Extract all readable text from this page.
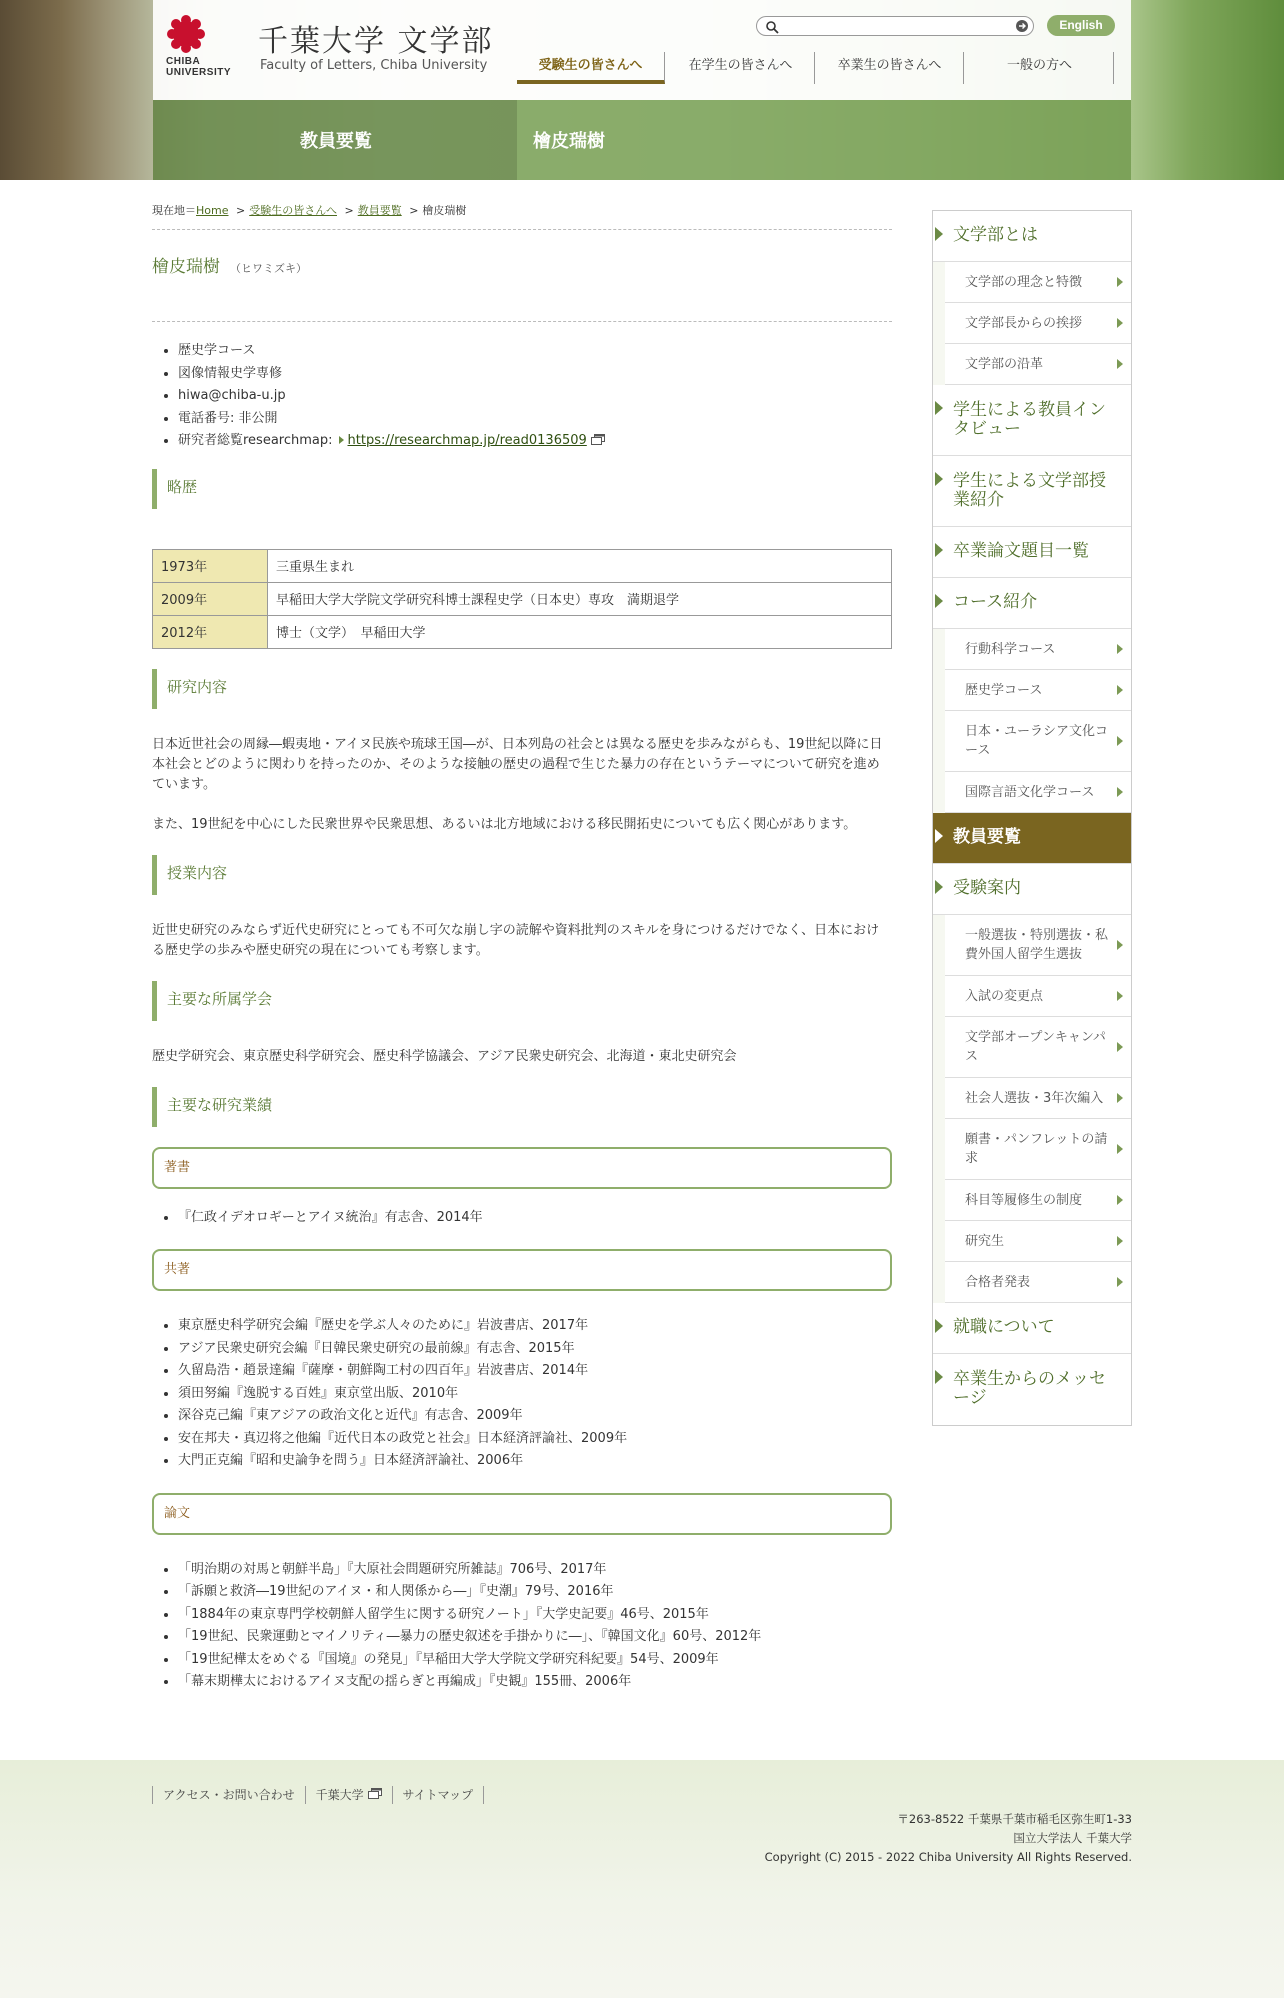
CHIBA
UNIVERSITY
千葉大学 文学部
Faculty of Letters, Chiba University
English
受験生の皆さんへ	在学生の皆さんへ	卒業生の皆さんへ	一般の方へ
教員要覧	檜皮瑞樹
現在地＝Home > 受験生の皆さんへ > 教員要覧 > 檜皮瑞樹
檜皮瑞樹 （ヒワミズキ）
• 歴史学コース
• 図像情報史学専修
• hiwa@chiba-u.jp
• 電話番号: 非公開
• 研究者総覧researchmap: https://researchmap.jp/read0136509
略歴
1973年	三重県生まれ
2009年	早稲田大学大学院文学研究科博士課程史学（日本史）専攻　満期退学
2012年	博士（文学）　早稲田大学
研究内容

日本近世社会の周縁―蝦夷地・アイヌ民族や琉球王国―が、日本列島の社会とは異なる歴史を歩みながらも、19世紀以降に日本社会とどのように関わりを持ったのか、そのような接触の歴史の過程で生じた暴力の存在というテーマについて研究を進めています。

また、19世紀を中心にした民衆世界や民衆思想、あるいは北方地域における移民開拓史についても広く関心があります。

授業内容

近世史研究のみならず近代史研究にとっても不可欠な崩し字の読解や資料批判のスキルを身につけるだけでなく、日本における歴史学の歩みや歴史研究の現在についても考察します。

主要な所属学会

歴史学研究会、東京歴史科学研究会、歴史科学協議会、アジア民衆史研究会、北海道・東北史研究会

主要な研究業績
著書
• 『仁政イデオロギーとアイヌ統治』有志舎、2014年
共著
• 東京歴史科学研究会編『歴史を学ぶ人々のために』岩波書店、2017年
• アジア民衆史研究会編『日韓民衆史研究の最前線』有志舎、2015年
• 久留島浩・趙景達編『薩摩・朝鮮陶工村の四百年』岩波書店、2014年
• 須田努編『逸脱する百姓』東京堂出版、2010年
• 深谷克己編『東アジアの政治文化と近代』有志舎、2009年
• 安在邦夫・真辺将之他編『近代日本の政党と社会』日本経済評論社、2009年
• 大門正克編『昭和史論争を問う』日本経済評論社、2006年
論文
• 「明治期の対馬と朝鮮半島」『大原社会問題研究所雑誌』706号、2017年
• 「訴願と救済―19世紀のアイヌ・和人関係から―」『史潮』79号、2016年
• 「1884年の東京専門学校朝鮮人留学生に関する研究ノート」『大学史記要』46号、2015年
• 「19世紀、民衆運動とマイノリティ―暴力の歴史叙述を手掛かりに―」、『韓国文化』60号、2012年
• 「19世紀樺太をめぐる『国境』の発見」『早稲田大学大学院文学研究科紀要』54号、2009年
• 「幕末期樺太におけるアイヌ支配の揺らぎと再編成」『史観』155冊、2006年
文学部とは
文学部の理念と特徴
文学部長からの挨拶
文学部の沿革
学生による教員インタビュー
学生による文学部授業紹介
卒業論文題目一覧
コース紹介
行動科学コース
歴史学コース
日本・ユーラシア文化コース
国際言語文化学コース
教員要覧
受験案内
一般選抜・特別選抜・私費外国人留学生選抜
入試の変更点
文学部オープンキャンパス
社会人選抜・3年次編入
願書・パンフレットの請求
科目等履修生の制度
研究生
合格者発表
就職について
卒業生からのメッセージ
アクセス・お問い合わせ 千葉大学	サイトマップ
〒263-8522 千葉県千葉市稲毛区弥生町1-33
国立大学法人 千葉大学
Copyright (C) 2015 - 2022 Chiba University All Rights Reserved.
